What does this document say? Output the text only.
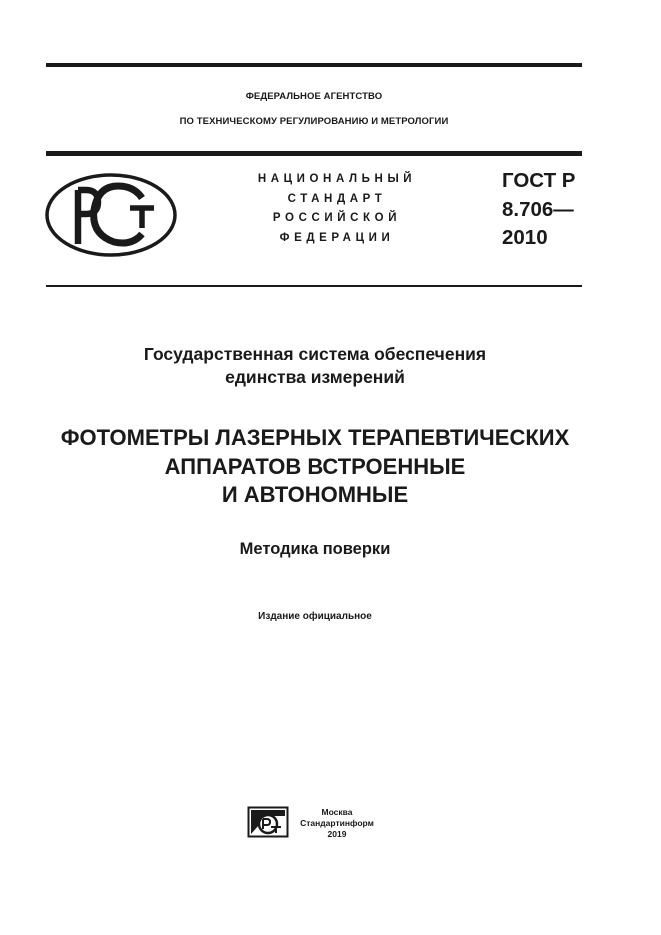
ФЕДЕРАЛЬНОЕ АГЕНТСТВО
ПО ТЕХНИЧЕСКОМУ РЕГУЛИРОВАНИЮ И МЕТРОЛОГИИ
НАЦИОНАЛЬНЫЙ
СТАНДАРТ
РОССИЙСКОЙ
ФЕДЕРАЦИИ
ГОСТ Р
8.706—
2010
Государственная система обеспечения
единства измерений
ФОТОМЕТРЫ ЛАЗЕРНЫХ ТЕРАПЕВТИЧЕСКИХ
АППАРАТОВ ВСТРОЕННЫЕ
И АВТОНОМНЫЕ
Методика поверки
Издание официальное
Москва
Стандартинформ
2019
